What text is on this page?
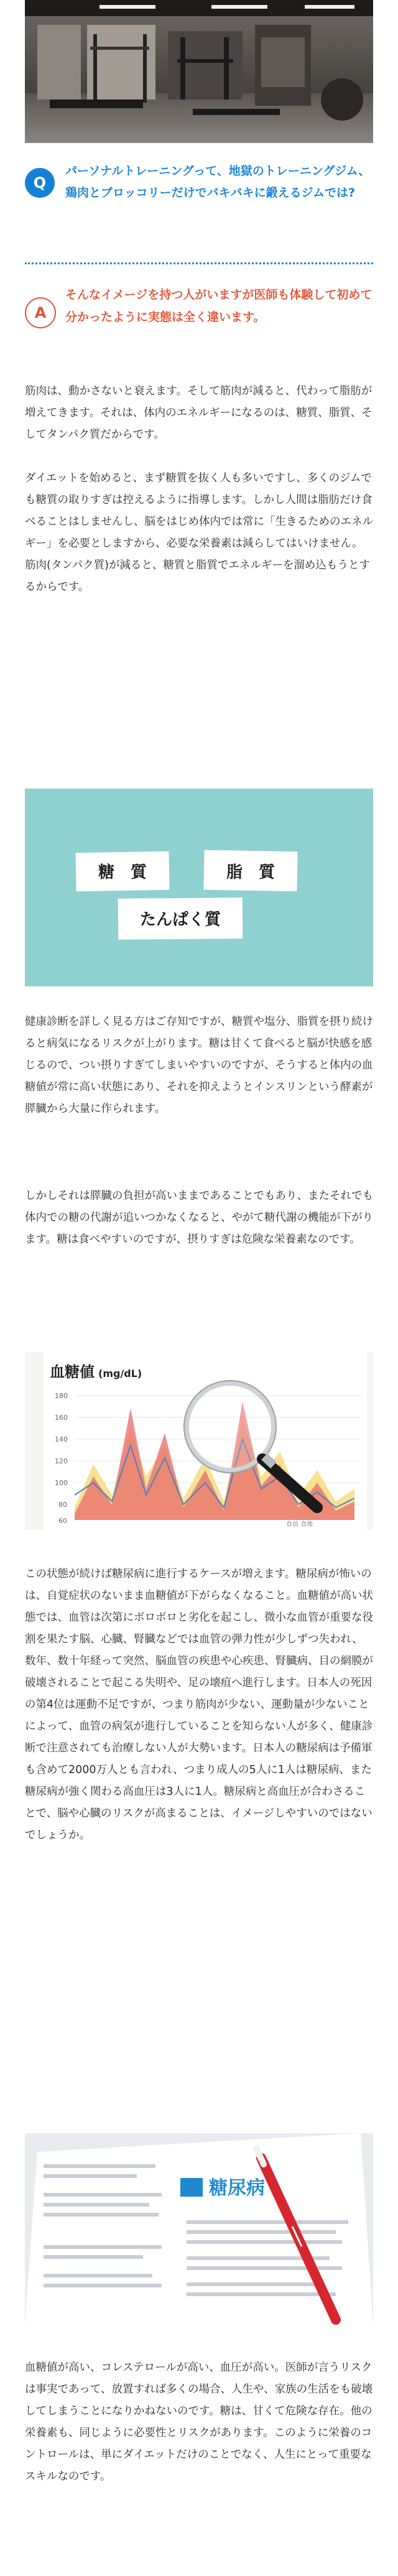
Q
パーソナルトレーニングって、地獄のトレーニングジム、鶏肉とブロッコリーだけでバキバキに鍛えるジムでは?
A
そんなイメージを持つ人がいますが医師も体験して初めて分かったように実態は全く違います。

筋肉は、動かさないと衰えます。そして筋肉が減ると、代わって脂肪が増えてきます。それは、体内のエネルギーになるのは、糖質、脂質、そしてタンパク質だからです。

ダイエットを始めると、まず糖質を抜く人も多いですし、多くのジムでも糖質の取りすぎは控えるように指導します。しかし人間は脂肪だけ食べることはしませんし、脳をはじめ体内では常に「生きるためのエネルギー」を必要としますから、必要な栄養素は減らしてはいけません。筋肉(タンパク質)が減ると、糖質と脂質でエネルギーを溜め込もうとするからです。

糖　質	脂　質
たんぱく質

健康診断を詳しく見る方はご存知ですが、糖質や塩分、脂質を摂り続けると病気になるリスクが上がります。糖は甘くて食べると脳が快感を感じるので、つい摂りすぎてしまいやすいのですが、そうすると体内の血糖値が常に高い状態にあり、それを抑えようとインスリンという酵素が膵臓から大量に作られます。

しかしそれは膵臓の負担が高いままであることでもあり、またそれでも体内での糖の代謝が追いつかなくなると、やがて糖代謝の機能が下がります。糖は食べやすいのですが、摂りすぎは危険な栄養素なのです。

血糖値 (mg/dL)
180
160
140
120
100
80
60	食前 食後

この状態が続けば糖尿病に進行するケースが増えます。糖尿病が怖いのは、自覚症状のないまま血糖値が下がらなくなること。血糖値が高い状態では、血管は次第にボロボロと劣化を起こし、微小な血管が重要な役割を果たす脳、心臓、腎臓などでは血管の弾力性が少しずつ失われ、数年、数十年経って突然、脳血管の疾患や心疾患、腎臓病、目の網膜が破壊されることで起こる失明や、足の壊疽へ進行します。日本人の死因の第4位は運動不足ですが、つまり筋肉が少ない、運動量が少ないことによって、血管の病気が進行していることを知らない人が多く、健康診断で注意されても治療しない人が大勢います。日本人の糖尿病は予備軍も含めて2000万人とも言われ、つまり成人の5人に1人は糖尿病、また糖尿病が強く関わる高血圧は3人に1人。糖尿病と高血圧が合わさることで、脳や心臓のリスクが高まることは、イメージしやすいのではないでしょうか。

糖尿病

血糖値が高い、コレステロールが高い、血圧が高い。医師が言うリスクは事実であって、放置すれば多くの場合、人生や、家族の生活をも破壊してしまうことになりかねないのです。糖は、甘くて危険な存在。他の栄養素も、同じように必要性とリスクがあります。このように栄養のコントロールは、単にダイエットだけのことでなく、人生にとって重要なスキルなのです。
